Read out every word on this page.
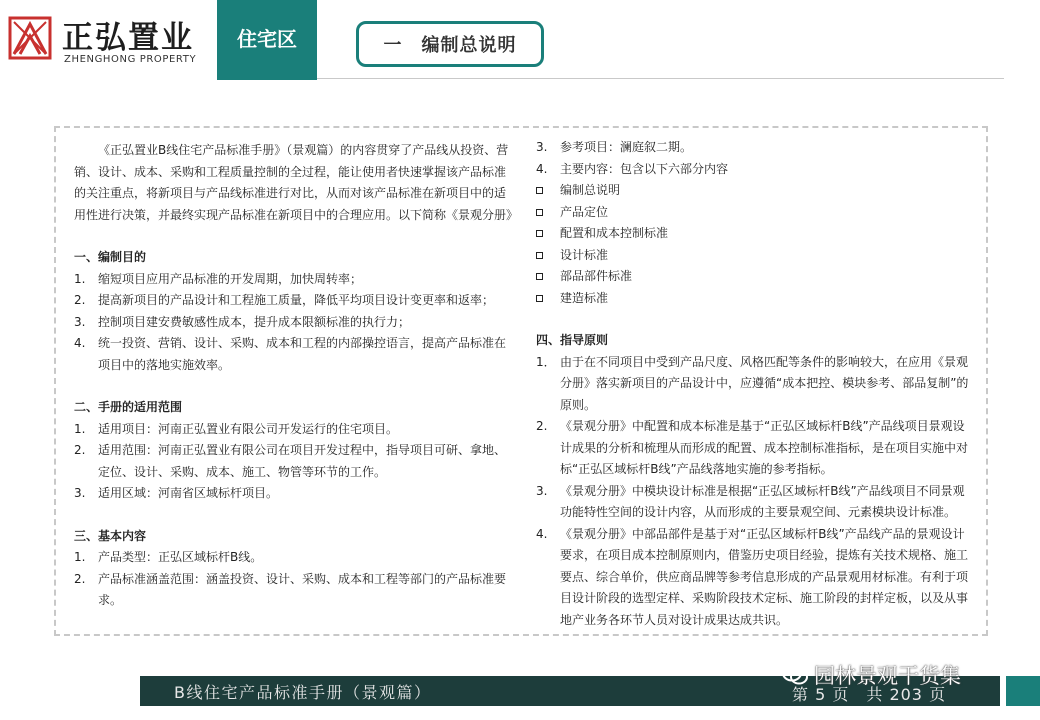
正弘置业
ZHENGHONG PROPERTY
住宅区	一　编制总说明

《正弘置业B线住宅产品标准手册》（景观篇）的内容贯穿了产品线从投资、营销、设计、成本、采购和工程质量控制的全过程，能让使用者快速掌握该产品标准的关注重点，将新项目与产品线标准进行对比，从而对该产品标准在新项目中的适用性进行决策，并最终实现产品标准在新项目中的合理应用。以下简称《景观分册》

一、编制目的

1.	缩短项目应用产品标准的开发周期，加快周转率；
2.	提高新项目的产品设计和工程施工质量，降低平均项目设计变更率和返率；
3.	控制项目建安费敏感性成本，提升成本限额标准的执行力；
4.	统一投资、营销、设计、采购、成本和工程的内部操控语言，提高产品标准在项目中的落地实施效率。

二、手册的适用范围

1.	适用项目：河南正弘置业有限公司开发运行的住宅项目。
2.	适用范围：河南正弘置业有限公司在项目开发过程中，指导项目可研、拿地、定位、设计、采购、成本、施工、物管等环节的工作。
3.	适用区域：河南省区域标杆项目。

三、基本内容

1.	产品类型：正弘区域标杆B线。
2.	产品标准涵盖范围：涵盖投资、设计、采购、成本和工程等部门的产品标准要求。
3.	参考项目：澜庭叙二期。
4.	主要内容：包含以下六部分内容
编制总说明
产品定位
配置和成本控制标准
设计标准
部品部件标准
建造标准

四、指导原则

1． 由于在不同项目中受到产品尺度、风格匹配等条件的影响较大，在应用《景观分册》落实新项目的产品设计中，应遵循“成本把控、模块参考、部品复制”的原则。
2.	《景观分册》中配置和成本标准是基于“正弘区域标杆B线”产品线项目景观设计成果的分析和梳理从而形成的配置、成本控制标准指标，是在项目实施中对标“正弘区域标杆B线”产品线落地实施的参考指标。
3.	《景观分册》中模块设计标准是根据“正弘区域标杆B线”产品线项目不同景观功能特性空间的设计内容，从而形成的主要景观空间、元素模块设计标准。
4.	《景观分册》中部品部件是基于对“正弘区域标杆B线”产品线产品的景观设计要求，在项目成本控制原则内，借鉴历史项目经验，提炼有关技术规格、施工要点、综合单价，供应商品牌等参考信息形成的产品景观用材标准。有利于项目设计阶段的选型定样、采购阶段技术定标、施工阶段的封样定板，以及从事地产业务各环节人员对设计成果达成共识。
B线住宅产品标准手册（景观篇）	第 5 页　共 203 页
园林景观干货集
